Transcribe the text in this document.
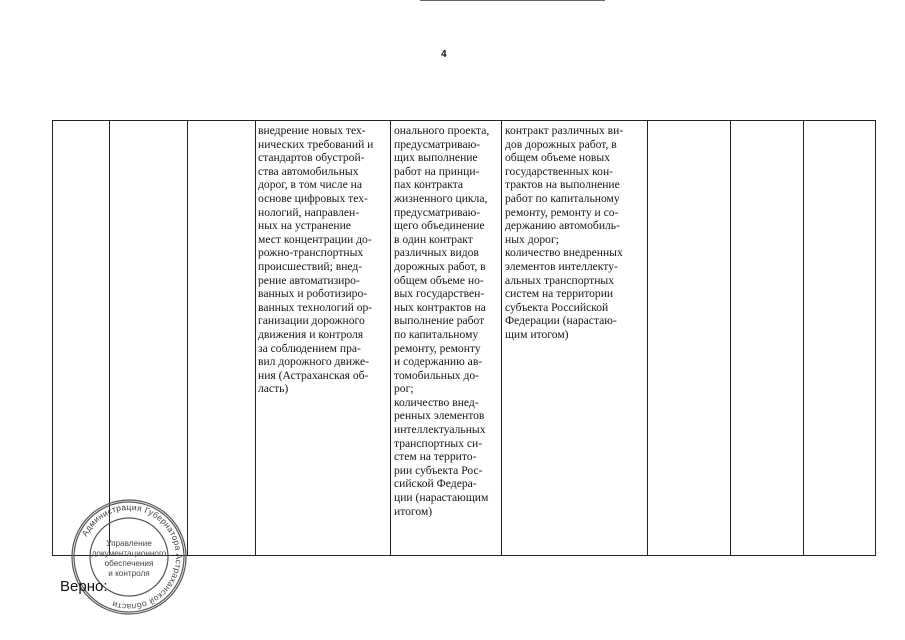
4
внедрение новых тех-
нических требований и
стандартов обустрой-
ства автомобильных
дорог, в том числе на
основе цифровых тех-
нологий, направлен-
ных на устранение
мест концентрации до-
рожно-транспортных
происшествий; внед-
рение автоматизиро-
ванных и роботизиро-
ванных технологий ор-
ганизации дорожного
движения и контроля
за соблюдением пра-
вил дорожного движе-
ния (Астраханская об-
ласть)
онального проекта,
предусматриваю-
щих выполнение
работ на принци-
пах контракта
жизненного цикла,
предусматриваю-
щего объединение
в один контракт
различных видов
дорожных работ, в
общем объеме но-
вых государствен-
ных контрактов на
выполнение работ
по капитальному
ремонту, ремонту
и содержанию ав-
томобильных до-
рог;
количество внед-
ренных элементов
интеллектуальных
транспортных си-
стем на террито-
рии субъекта Рос-
сийской Федера-
ции (нарастающим
итогом)
контракт различных ви-
дов дорожных работ, в
общем объеме новых
государственных кон-
трактов на выполнение
работ по капитальному
ремонту, ремонту и со-
держанию автомобиль-
ных дорог;
количество внедренных
элементов интеллекту-
альных транспортных
систем на территории
субъекта Российской
Федерации (нарастаю-
щим итогом)
Администрация Губернатора Астраханской области
Управление
документационного
обеспечения
и контроля
Верно:
